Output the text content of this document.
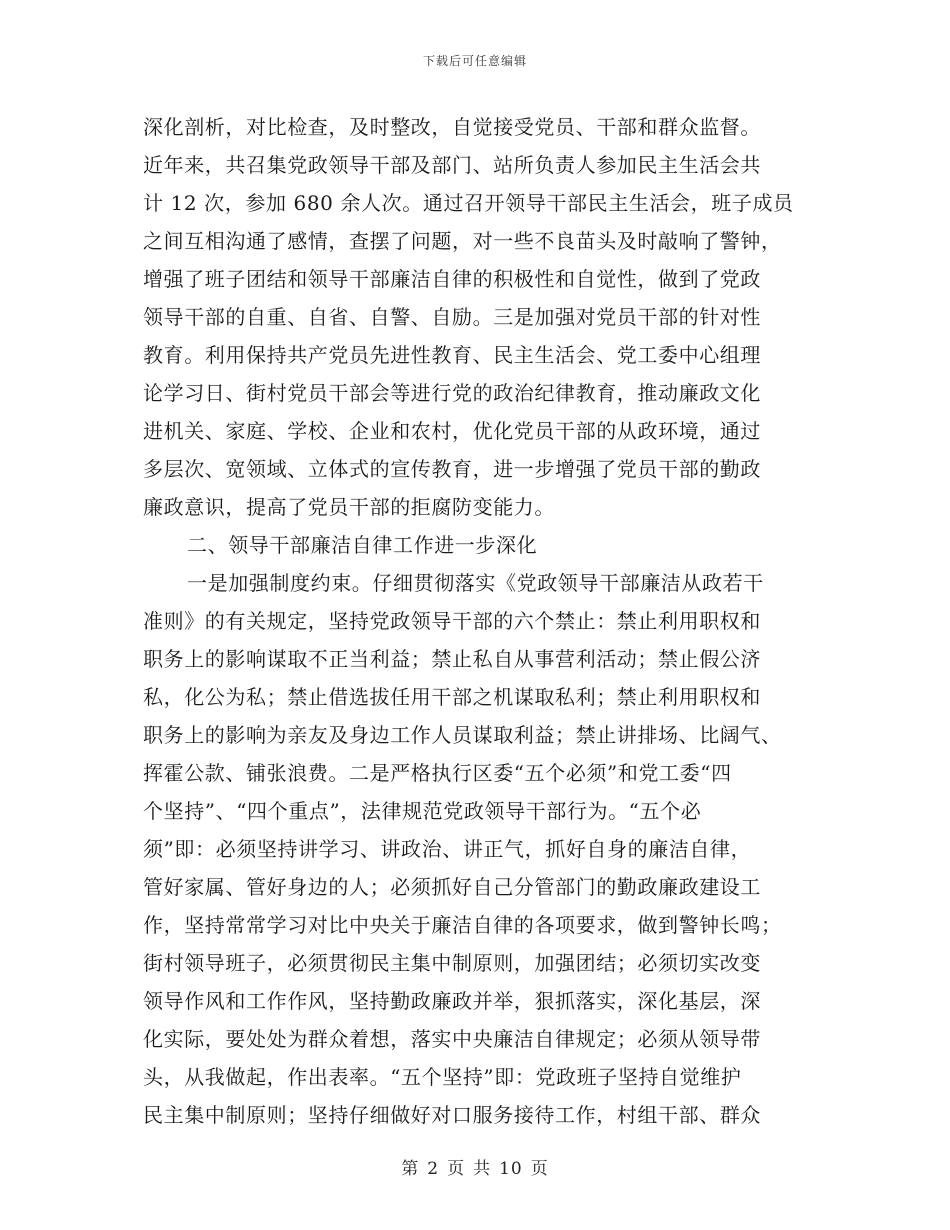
下载后可任意编辑
深化剖析，对比检查，及时整改，自觉接受党员、干部和群众监督。
近年来，共召集党政领导干部及部门、站所负责人参加民主生活会共
计 12 次，参加 680 余人次。通过召开领导干部民主生活会，班子成员
之间互相沟通了感情，查摆了问题，对一些不良苗头及时敲响了警钟，
增强了班子团结和领导干部廉洁自律的积极性和自觉性，做到了党政
领导干部的自重、自省、自警、自励。三是加强对党员干部的针对性
教育。利用保持共产党员先进性教育、民主生活会、党工委中心组理
论学习日、街村党员干部会等进行党的政治纪律教育，推动廉政文化
进机关、家庭、学校、企业和农村，优化党员干部的从政环境，通过
多层次、宽领域、立体式的宣传教育，进一步增强了党员干部的勤政
廉政意识，提高了党员干部的拒腐防变能力。
二、领导干部廉洁自律工作进一步深化
一是加强制度约束。仔细贯彻落实《党政领导干部廉洁从政若干
准则》的有关规定，坚持党政领导干部的六个禁止：禁止利用职权和
职务上的影响谋取不正当利益；禁止私自从事营利活动；禁止假公济
私，化公为私；禁止借选拔任用干部之机谋取私利；禁止利用职权和
职务上的影响为亲友及身边工作人员谋取利益；禁止讲排场、比阔气、
挥霍公款、铺张浪费。二是严格执行区委“五个必须”和党工委“四
个坚持”、“四个重点”，法律规范党政领导干部行为。“五个必
须”即：必须坚持讲学习、讲政治、讲正气，抓好自身的廉洁自律，
管好家属、管好身边的人；必须抓好自己分管部门的勤政廉政建设工
作，坚持常常学习对比中央关于廉洁自律的各项要求，做到警钟长鸣；
街村领导班子，必须贯彻民主集中制原则，加强团结；必须切实改变
领导作风和工作作风，坚持勤政廉政并举，狠抓落实，深化基层，深
化实际，要处处为群众着想，落实中央廉洁自律规定；必须从领导带
头，从我做起，作出表率。“五个坚持”即：党政班子坚持自觉维护
民主集中制原则；坚持仔细做好对口服务接待工作，村组干部、群众
第 2 页 共 10 页
